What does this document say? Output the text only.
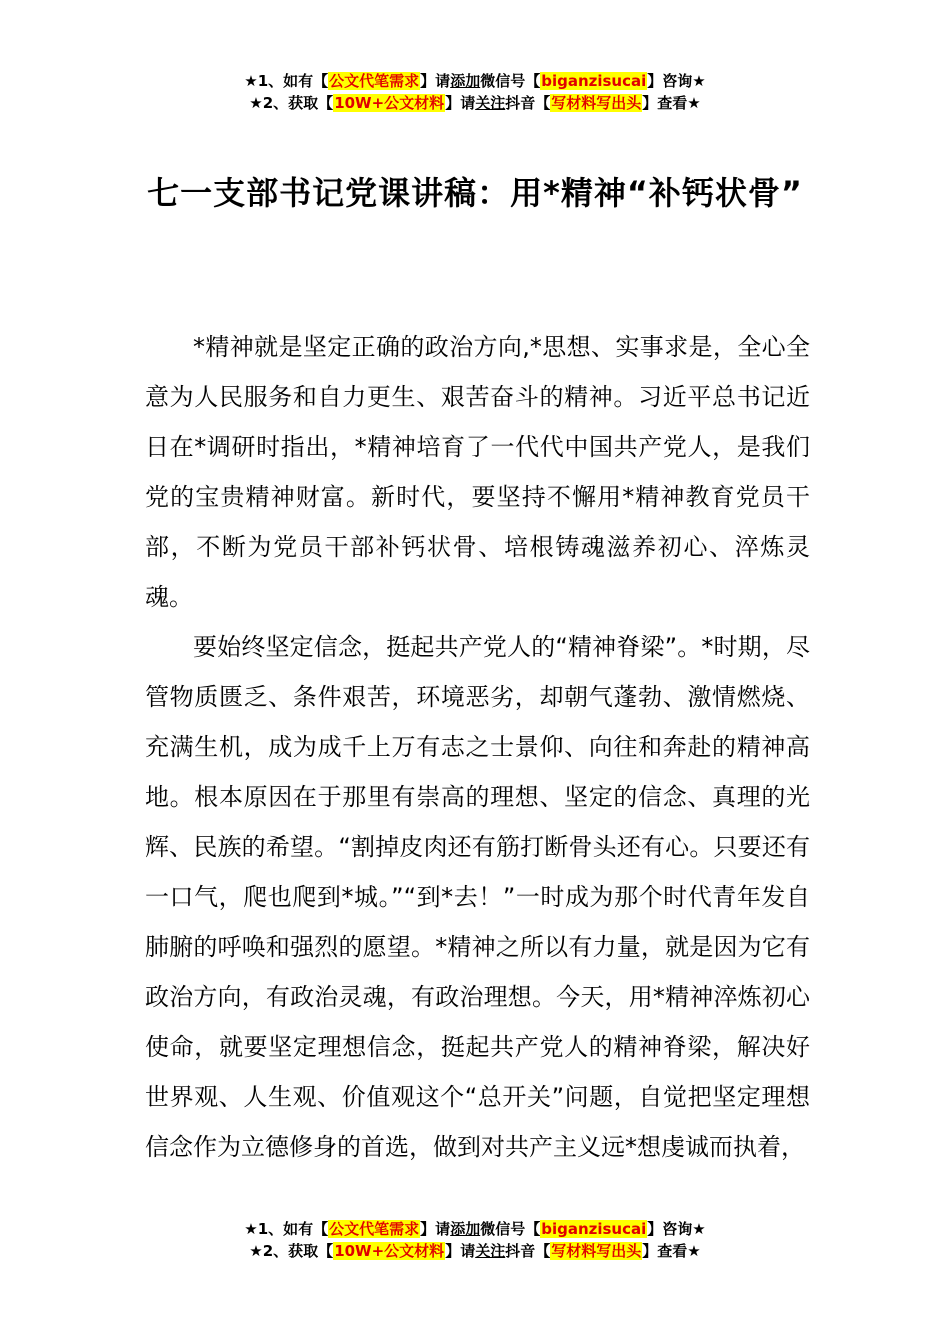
★1、如有【公文代笔需求】请添加微信号【biganzisucai】咨询★
★2、获取【10W+公文材料】请关注抖音【写材料写出头】查看★
七一支部书记党课讲稿：用*精神“补钙状骨”

*精神就是坚定正确的政治方向,*思想、实事求是，全心全意为人民服务和自力更生、艰苦奋斗的精神。习近平总书记近日在*调研时指出，*精神培育了一代代中国共产党人，是我们党的宝贵精神财富。新时代，要坚持不懈用*精神教育党员干部，不断为党员干部补钙状骨、培根铸魂滋养初心、淬炼灵魂。

要始终坚定信念，挺起共产党人的“精神脊梁”。*时期，尽管物质匮乏、条件艰苦，环境恶劣，却朝气蓬勃、激情燃烧、充满生机，成为成千上万有志之士景仰、向往和奔赴的精神高地。根本原因在于那里有崇高的理想、坚定的信念、真理的光辉、民族的希望。“割掉皮肉还有筋打断骨头还有心。只要还有一口气，爬也爬到*城。”“到*去！”一时成为那个时代青年发自肺腑的呼唤和强烈的愿望。*精神之所以有力量，就是因为它有政治方向，有政治灵魂，有政治理想。今天，用*精神淬炼初心使命，就要坚定理想信念，挺起共产党人的精神脊梁，解决好世界观、人生观、价值观这个“总开关”问题，自觉把坚定理想信念作为立德修身的首选，做到对共产主义远*想虔诚而执着，

★1、如有【公文代笔需求】请添加微信号【biganzisucai】咨询★
★2、获取【10W+公文材料】请关注抖音【写材料写出头】查看★
